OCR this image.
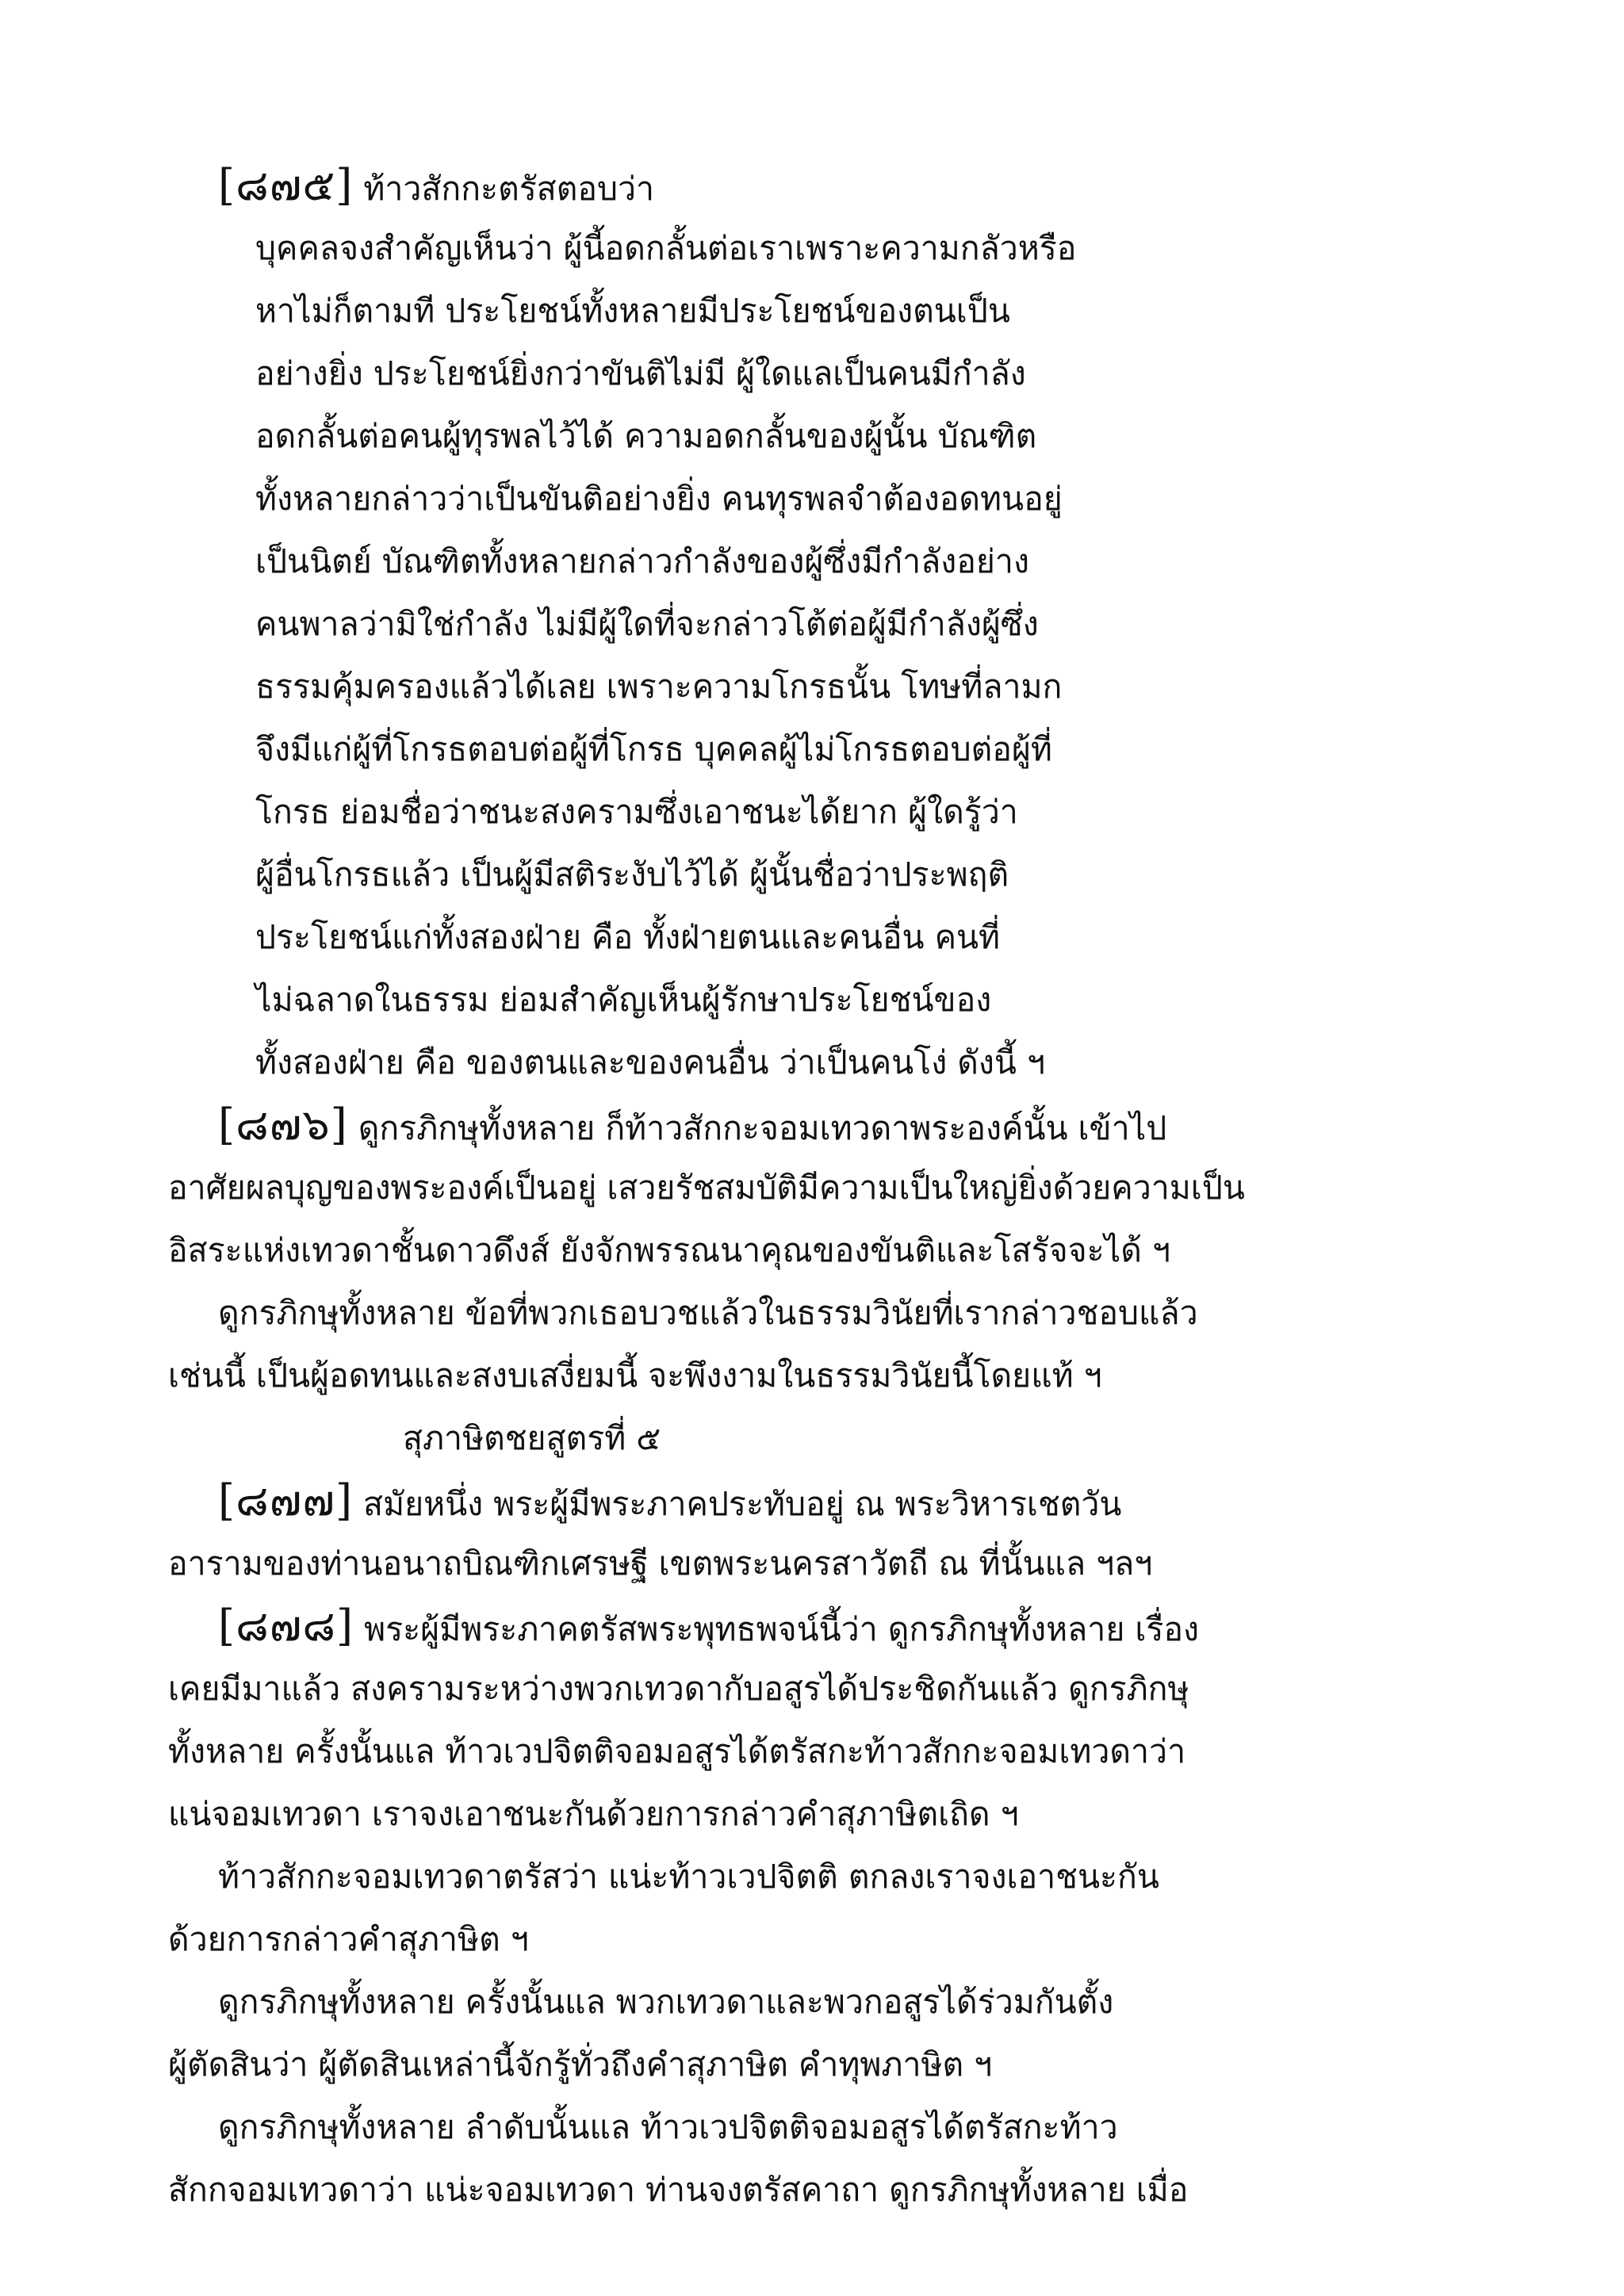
[๘๗๕] ท้าวสักกะตรัสตอบว่า
บุคคลจงสำคัญเห็นว่า ผู้นี้อดกลั้นต่อเราเพราะความกลัวหรือ
หาไม่ก็ตามที ประโยชน์ทั้งหลายมีประโยชน์ของตนเป็น
อย่างยิ่ง ประโยชน์ยิ่งกว่าขันติไม่มี ผู้ใดแลเป็นคนมีกำลัง
อดกลั้นต่อคนผู้ทุรพลไว้ได้ ความอดกลั้นของผู้นั้น บัณฑิต
ทั้งหลายกล่าวว่าเป็นขันติอย่างยิ่ง คนทุรพลจำต้องอดทนอยู่
เป็นนิตย์ บัณฑิตทั้งหลายกล่าวกำลังของผู้ซึ่งมีกำลังอย่าง
คนพาลว่ามิใช่กำลัง ไม่มีผู้ใดที่จะกล่าวโต้ต่อผู้มีกำลังผู้ซึ่ง
ธรรมคุ้มครองแล้วได้เลย เพราะความโกรธนั้น โทษที่ลามก
จึงมีแก่ผู้ที่โกรธตอบต่อผู้ที่โกรธ บุคคลผู้ไม่โกรธตอบต่อผู้ที่
โกรธ ย่อมชื่อว่าชนะสงครามซึ่งเอาชนะได้ยาก ผู้ใดรู้ว่า
ผู้อื่นโกรธแล้ว เป็นผู้มีสติระงับไว้ได้ ผู้นั้นชื่อว่าประพฤติ
ประโยชน์แก่ทั้งสองฝ่าย คือ ทั้งฝ่ายตนและคนอื่น คนที่
ไม่ฉลาดในธรรม ย่อมสำคัญเห็นผู้รักษาประโยชน์ของ
ทั้งสองฝ่าย คือ ของตนและของคนอื่น ว่าเป็นคนโง่ ดังนี้ ฯ
[๘๗๖] ดูกรภิกษุทั้งหลาย ก็ท้าวสักกะจอมเทวดาพระองค์นั้น เข้าไป
อาศัยผลบุญของพระองค์เป็นอยู่ เสวยรัชสมบัติมีความเป็นใหญ่ยิ่งด้วยความเป็น
อิสระแห่งเทวดาชั้นดาวดึงส์ ยังจักพรรณนาคุณของขันติและโสรัจจะได้ ฯ
ดูกรภิกษุทั้งหลาย ข้อที่พวกเธอบวชแล้วในธรรมวินัยที่เรากล่าวชอบแล้ว
เช่นนี้ เป็นผู้อดทนและสงบเสงี่ยมนี้ จะพึงงามในธรรมวินัยนี้โดยแท้ ฯ
สุภาษิตชยสูตรที่ ๕
[๘๗๗] สมัยหนึ่ง พระผู้มีพระภาคประทับอยู่ ณ พระวิหารเชตวัน
อารามของท่านอนาถบิณฑิกเศรษฐี เขตพระนครสาวัตถี ณ ที่นั้นแล ฯลฯ
[๘๗๘] พระผู้มีพระภาคตรัสพระพุทธพจน์นี้ว่า ดูกรภิกษุทั้งหลาย เรื่อง
เคยมีมาแล้ว สงครามระหว่างพวกเทวดากับอสูรได้ประชิดกันแล้ว ดูกรภิกษุ
ทั้งหลาย ครั้งนั้นแล ท้าวเวปจิตติจอมอสูรได้ตรัสกะท้าวสักกะจอมเทวดาว่า
แน่จอมเทวดา เราจงเอาชนะกันด้วยการกล่าวคำสุภาษิตเถิด ฯ
ท้าวสักกะจอมเทวดาตรัสว่า แน่ะท้าวเวปจิตติ ตกลงเราจงเอาชนะกัน
ด้วยการกล่าวคำสุภาษิต ฯ
ดูกรภิกษุทั้งหลาย ครั้งนั้นแล พวกเทวดาและพวกอสูรได้ร่วมกันตั้ง
ผู้ตัดสินว่า ผู้ตัดสินเหล่านี้จักรู้ทั่วถึงคำสุภาษิต คำทุพภาษิต ฯ
ดูกรภิกษุทั้งหลาย ลำดับนั้นแล ท้าวเวปจิตติจอมอสูรได้ตรัสกะท้าว
สักกจอมเทวดาว่า แน่ะจอมเทวดา ท่านจงตรัสคาถา ดูกรภิกษุทั้งหลาย เมื่อ
